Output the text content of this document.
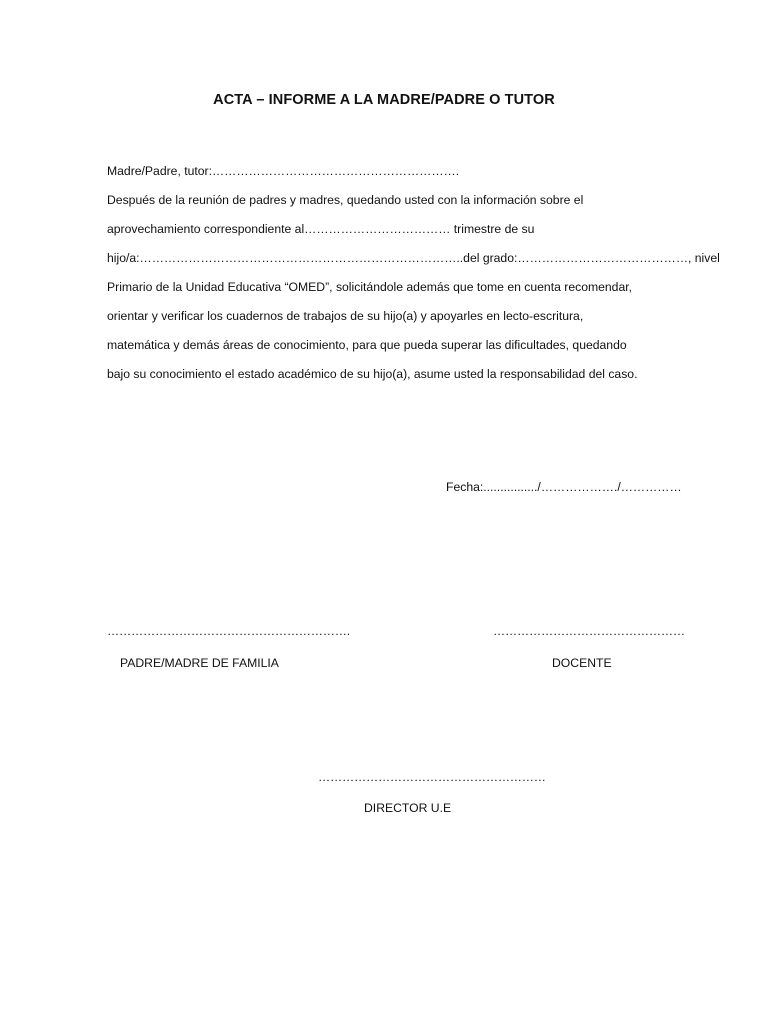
ACTA – INFORME A LA MADRE/PADRE O TUTOR
Madre/Padre, tutor:…………………………………………………….
Después de la reunión de padres y madres, quedando usted con la información sobre el
aprovechamiento correspondiente al……………………………… trimestre de su
hijo/a:……………………………………………………………………..del grado:……………………………………, nivel
Primario de la Unidad Educativa “OMED”, solicitándole además que tome en cuenta recomendar,
orientar y verificar los cuadernos de trabajos de su hijo(a) y apoyarles en lecto-escritura,
matemática y demás áreas de conocimiento, para que pueda superar las dificultades, quedando
bajo su conocimiento el estado académico de su hijo(a), asume usted la responsabilidad del caso.
Fecha:................/………………./……………
…………………………………………………….
PADRE/MADRE DE FAMILIA
…………………………………………
DOCENTE
…………………………………………………
DIRECTOR U.E
